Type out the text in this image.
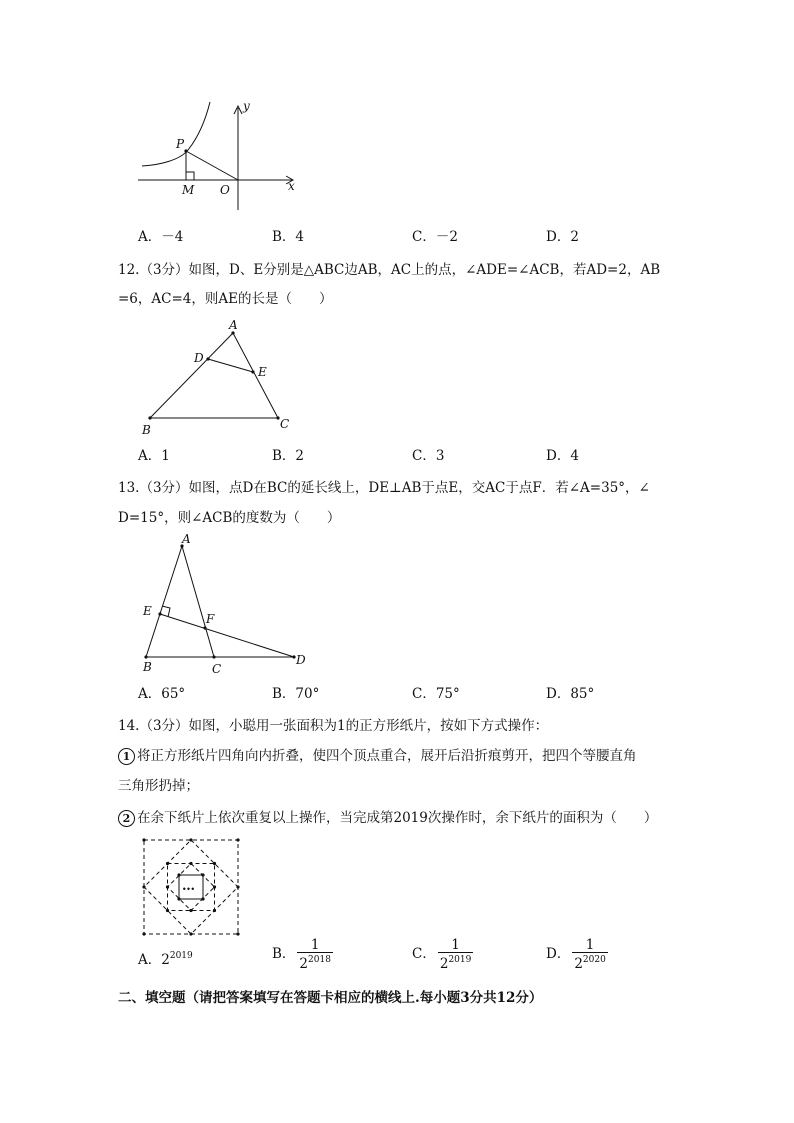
y
P
M O	x
A．－4	B．4	C．－2	D．2
12.（3分）如图，D、E分别是△ABC边AB，AC上的点，∠ADE=∠ACB，若AD=2，AB
=6，AC=4，则AE的长是（　　）
A
D
E
B	C
A．1	B．2	C．3	D．4
13.（3分）如图，点D在BC的延长线上，DE⊥AB于点E，交AC于点F．若∠A=35°，∠
D=15°，则∠ACB的度数为（　　）
A
E
F
B	C
D
A．65°	B．70°	C．75°	D．85°
14.（3分）如图，小聪用一张面积为1的正方形纸片，按如下方式操作：
1 将正方形纸片四角向内折叠，使四个顶点重合，展开后沿折痕剪开，把四个等腰直角
三角形扔掉；
2 在余下纸片上依次重复以上操作，当完成第2019次操作时，余下纸片的面积为（　　）
…
A．$2^{2019}$	B． $\frac{1}{2^{2018}}$	C． $\frac{1}{2^{2019}}$	D． $\frac{1}{2^{2020}}$
二、填空题（请把答案填写在答题卡相应的横线上.每小题3分共12分）
